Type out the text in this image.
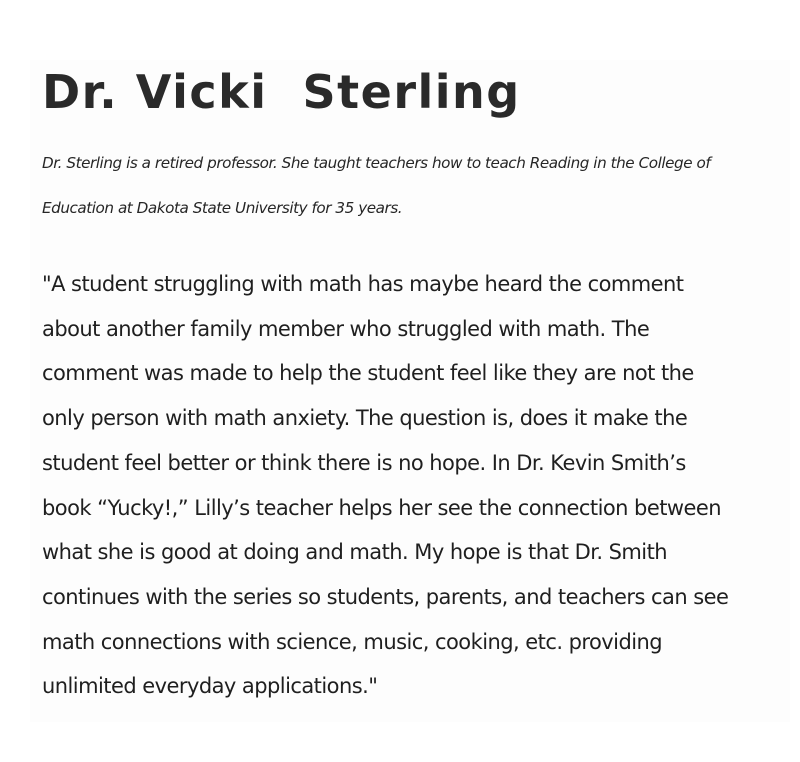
Dr. Vicki  Sterling

Dr. Sterling is a retired professor. She taught teachers how to teach Reading in the College of
Education at Dakota State University for 35 years.

"A student struggling with math has maybe heard the comment
about another family member who struggled with math. The
comment was made to help the student feel like they are not the
only person with math anxiety. The question is, does it make the
student feel better or think there is no hope. In Dr. Kevin Smith’s
book “Yucky!,” Lilly’s teacher helps her see the connection between
what she is good at doing and math. My hope is that Dr. Smith
continues with the series so students, parents, and teachers can see
math connections with science, music, cooking, etc. providing
unlimited everyday applications."
